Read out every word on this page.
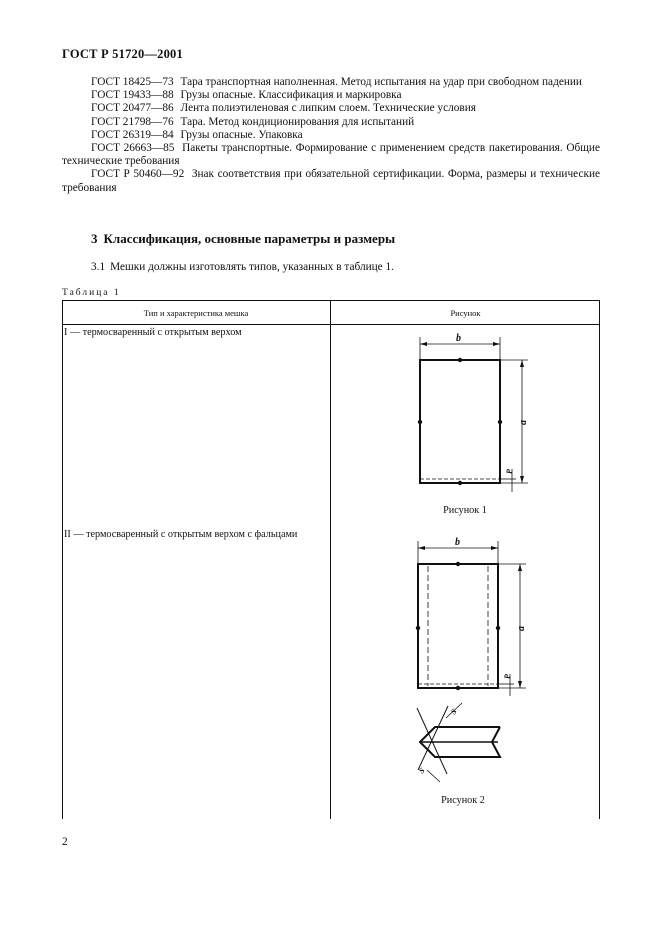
ГОСТ Р 51720—2001

ГОСТ 18425—73 Тара транспортная наполненная. Метод испытания на удар при свободном падении

ГОСТ 19433—88 Грузы опасные. Классификация и маркировка

ГОСТ 20477—86 Лента полиэтиленовая с липким слоем. Технические условия

ГОСТ 21798—76 Тара. Метод кондиционирования для испытаний

ГОСТ 26319—84 Грузы опасные. Упаковка

ГОСТ 26663—85 Пакеты транспортные. Формирование с применением средств пакетирования. Общие технические требования

ГОСТ Р 50460—92 Знак соответствия при обязательной сертификации. Форма, размеры и технические требования

3 Классификация, основные параметры и размеры
3.1 Мешки должны изготовлять типов, указанных в таблице 1.
Таблица 1
Тип и характеристика мешка	Рисунок
I — термосваренный с открытым верхом
II — термосваренный с открытым верхом с фальцами
b
b
a
a
P
P
S
S
Рисунок 1
Рисунок 2
2
